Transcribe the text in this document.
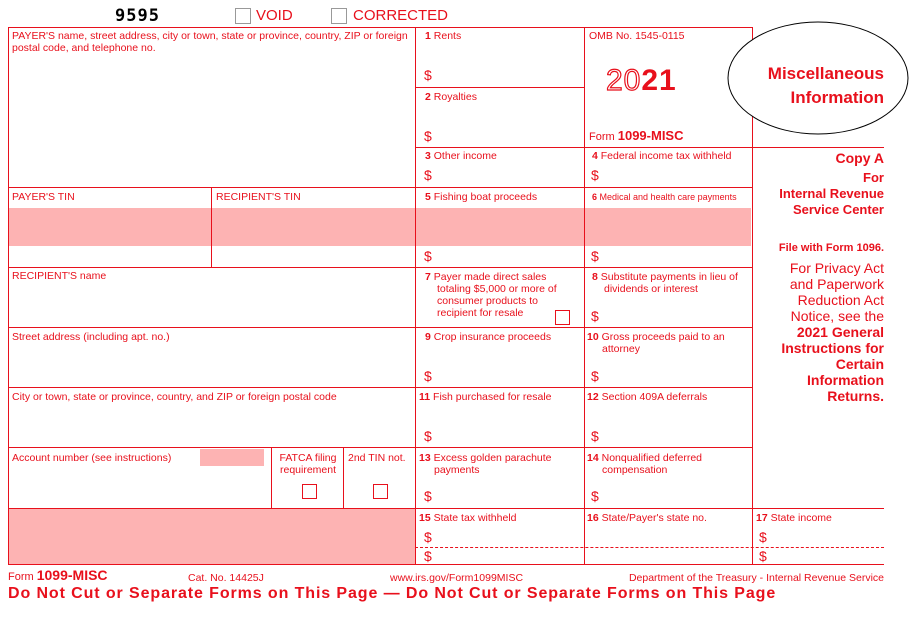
9595	VOID	CORRECTED
PAYER'S name, street address, city or town, state or province, country, ZIP or foreign postal code, and telephone no.
PAYER'S TIN	RECIPIENT'S TIN
RECIPIENT'S name
Street address (including apt. no.)
City or town, state or province, country, and ZIP or foreign postal code
Account number (see instructions)	FATCA filing requirement
2nd TIN not.
OMB No. 1545-0115
2021
Form 1099-MISC
Miscellaneous
Information
1 Rents
$
2 Royalties
$
3 Other income
$
4 Federal income tax withheld
$
5 Fishing boat proceeds
$
6 Medical and health care payments
$
7 Payer made direct sales totaling $5,000 or more of consumer products to recipient for resale
8 Substitute payments in lieu of dividends or interest
$
9 Crop insurance proceeds
$
10 Gross proceeds paid to an attorney
$
11 Fish purchased for resale
$
12 Section 409A deferrals
$
13 Excess golden parachute payments
$
14 Nonqualified deferred compensation
$
15 State tax withheld
$
$
16 State/Payer's state no.	17 State income
$
$
Copy A
For
Internal Revenue
Service Center
File with Form 1096.
For Privacy Act
and Paperwork
Reduction Act
Notice, see the
2021 General
Instructions for
Certain
Information
Returns.
Form 1099-MISC	Cat. No. 14425J	www.irs.gov/Form1099MISC	Department of the Treasury - Internal Revenue Service
Do Not Cut or Separate Forms on This Page — Do Not Cut or Separate Forms on This Page
